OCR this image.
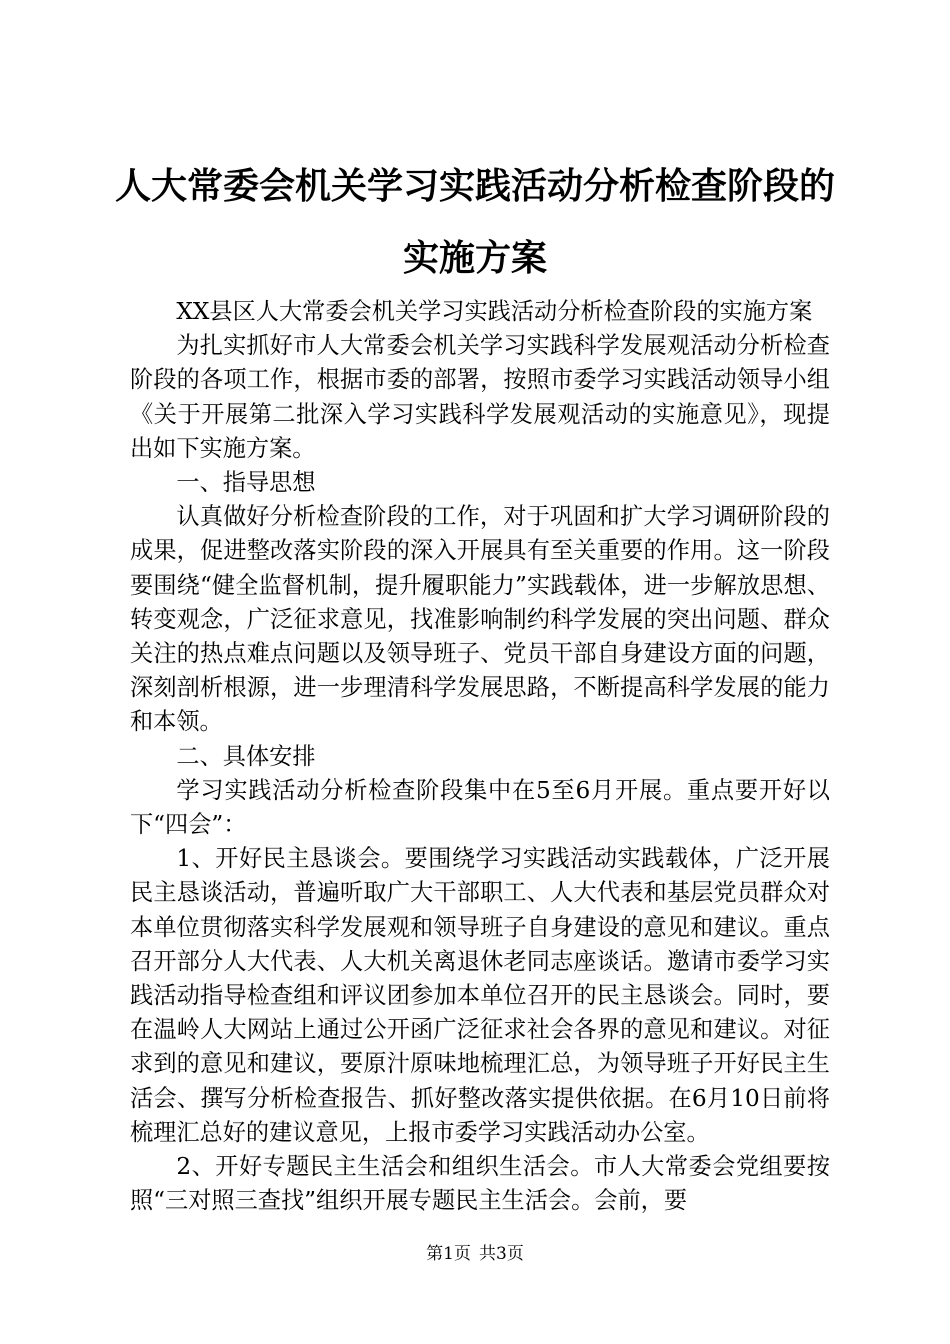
人大常委会机关学习实践活动分析检查阶段的实施方案

XX县区人大常委会机关学习实践活动分析检查阶段的实施方案

为扎实抓好市人大常委会机关学习实践科学发展观活动分析检查阶段的各项工作，根据市委的部署，按照市委学习实践活动领导小组《关于开展第二批深入学习实践科学发展观活动的实施意见》，现提出如下实施方案。

一、指导思想

认真做好分析检查阶段的工作，对于巩固和扩大学习调研阶段的成果，促进整改落实阶段的深入开展具有至关重要的作用。这一阶段要围绕“健全监督机制，提升履职能力”实践载体，进一步解放思想、转变观念，广泛征求意见，找准影响制约科学发展的突出问题、群众关注的热点难点问题以及领导班子、党员干部自身建设方面的问题，深刻剖析根源，进一步理清科学发展思路，不断提高科学发展的能力和本领。

二、具体安排

学习实践活动分析检查阶段集中在5至6月开展。重点要开好以下“四会”：

1、开好民主恳谈会。要围绕学习实践活动实践载体，广泛开展民主恳谈活动，普遍听取广大干部职工、人大代表和基层党员群众对本单位贯彻落实科学发展观和领导班子自身建设的意见和建议。重点召开部分人大代表、人大机关离退休老同志座谈话。邀请市委学习实践活动指导检查组和评议团参加本单位召开的民主恳谈会。同时，要在温岭人大网站上通过公开函广泛征求社会各界的意见和建议。对征求到的意见和建议，要原汁原味地梳理汇总，为领导班子开好民主生活会、撰写分析检查报告、抓好整改落实提供依据。在6月10日前将梳理汇总好的建议意见，上报市委学习实践活动办公室。

2、开好专题民主生活会和组织生活会。市人大常委会党组要按照“三对照三查找”组织开展专题民主生活会。会前，要

第1页 共3页
